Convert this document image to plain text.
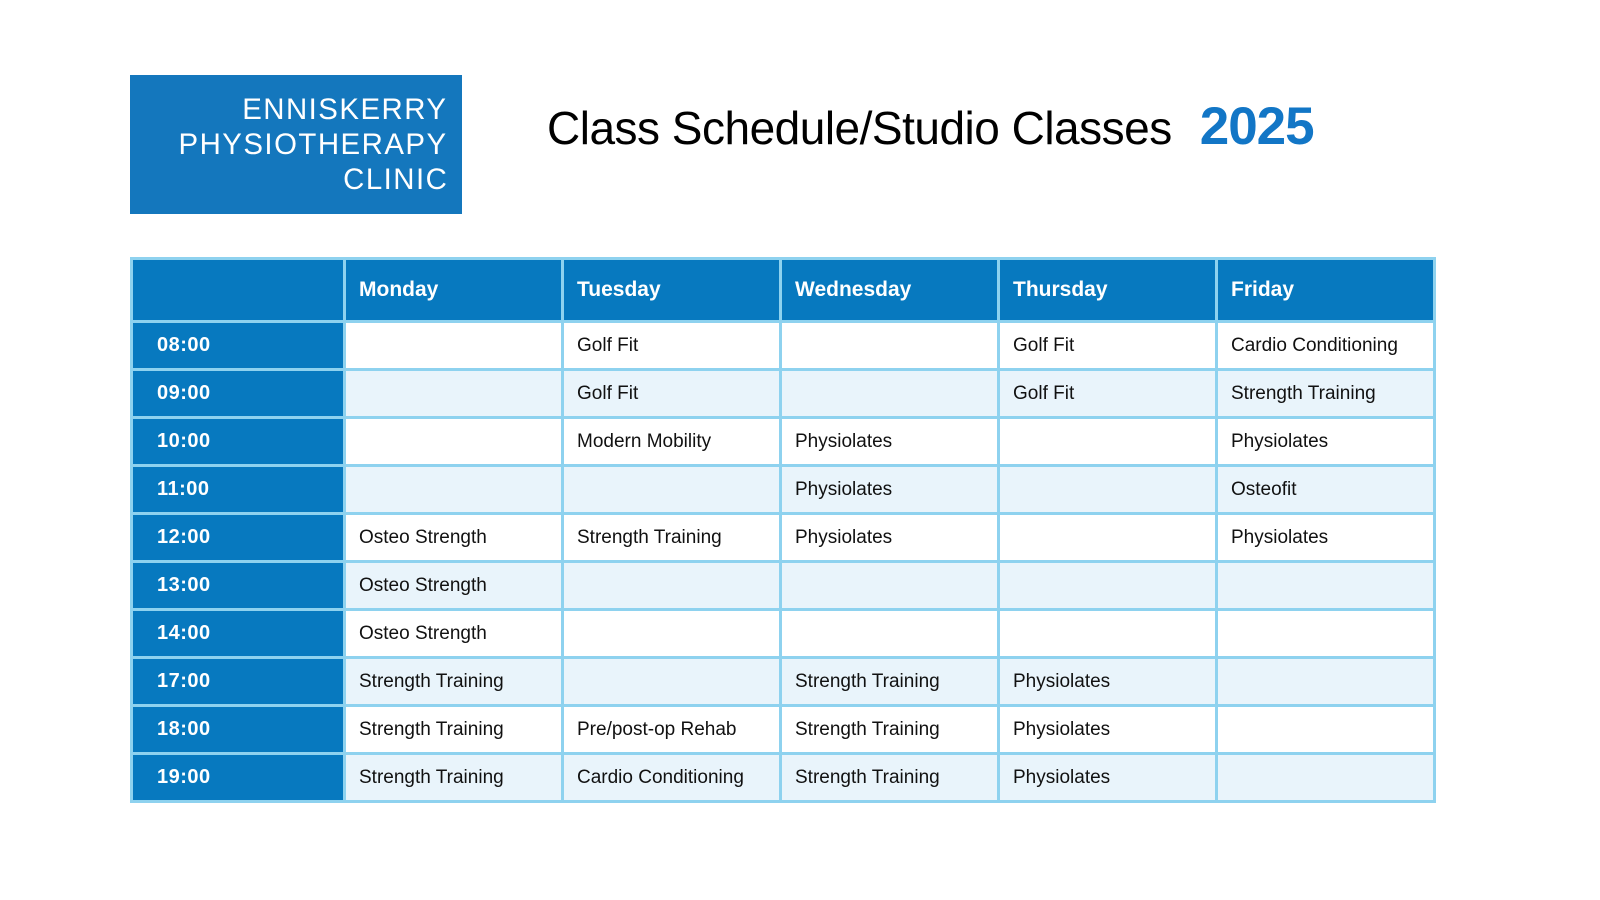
ENNISKERRY
PHYSIOTHERAPY
CLINIC
Class Schedule/Studio Classes 2025
	Monday	Tuesday	Wednesday	Thursday	Friday
08:00		Golf Fit		Golf Fit	Cardio Conditioning
09:00		Golf Fit		Golf Fit	Strength Training
10:00		Modern Mobility	Physiolates		Physiolates
11:00			Physiolates		Osteofit
12:00	Osteo Strength	Strength Training	Physiolates		Physiolates
13:00	Osteo Strength				
14:00	Osteo Strength				
17:00	Strength Training		Strength Training	Physiolates	
18:00	Strength Training	Pre/post-op Rehab	Strength Training	Physiolates	
19:00	Strength Training	Cardio Conditioning	Strength Training	Physiolates	
